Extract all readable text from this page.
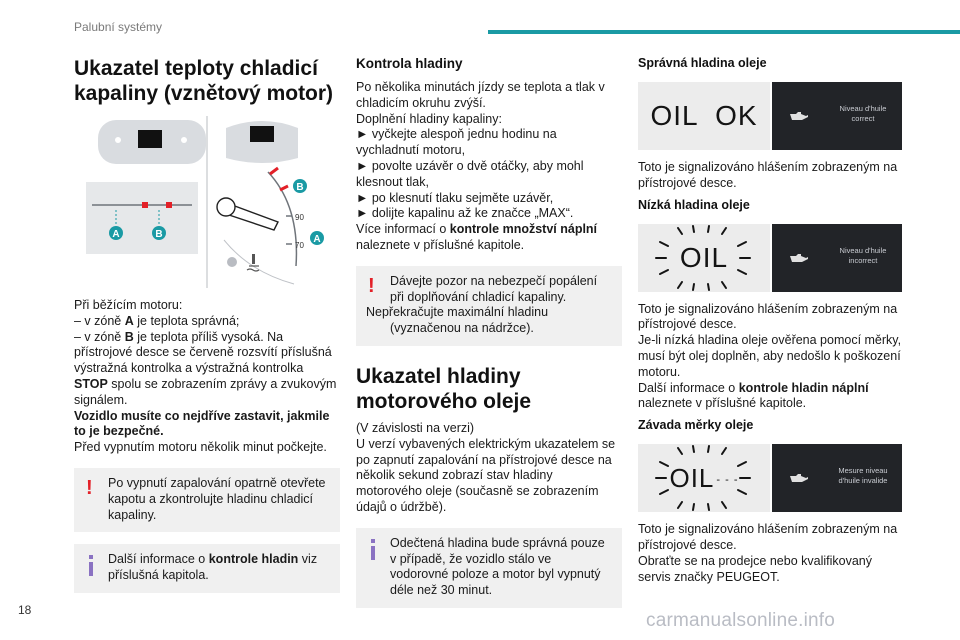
Palubní systémy
Ukazatel teploty chladicí kapaliny (vznětový motor)
A	B
90
70
B
A

Při běžícím motoru:
– v zóně A je teplota správná;
– v zóně B je teplota příliš vysoká. Na přístrojové desce se červeně rozsvítí příslušná výstražná kontrolka a výstražná kontrolka STOP spolu se zobrazením zprávy a zvukovým signálem.
Vozidlo musíte co nejdříve zastavit, jakmile to je bezpečné.
Před vypnutím motoru několik minut počkejte.

!	Po vypnutí zapalování opatrně otevřete kapotu a zkontrolujte hladinu chladicí kapaliny.

Další informace o kontrole hladin viz příslušná kapitola.

Kontrola hladiny

Po několika minutách jízdy se teplota a tlak v chladicím okruhu zvýší.
Doplnění hladiny kapaliny:
► vyčkejte alespoň jednu hodinu na vychladnutí motoru,
► povolte uzávěr o dvě otáčky, aby mohl klesnout tlak,
► po klesnutí tlaku sejměte uzávěr,
► dolijte kapalinu až ke značce „MAX“.
Více informací o kontrole množství náplní naleznete v příslušné kapitole.

!	Dávejte pozor na nebezpečí popálení při doplňování chladicí kapaliny.
Nepřekračujte maximální hladinu (vyznačenou na nádržce).

Ukazatel hladiny motorového oleje

(V závislosti na verzi)
U verzí vybavených elektrickým ukazatelem se po zapnutí zapalování na přístrojové desce na několik sekund zobrazí stav hladiny motorového oleje (současně se zobrazením údajů o údržbě).

Odečtená hladina bude správná pouze v případě, že vozidlo stálo ve vodorovné poloze a motor byl vypnutý déle než 30 minut.

Správná hladina oleje
OIL  OK	Niveau d'huile correct

Toto je signalizováno hlášením zobrazeným na přístrojové desce.

Nízká hladina oleje
OIL	Niveau d'huile incorrect

Toto je signalizováno hlášením zobrazeným na přístrojové desce.
Je-li nízká hladina oleje ověřena pomocí měrky, musí být olej doplněn, aby nedošlo k poškození motoru.
Další informace o kontrole hladin náplní naleznete v příslušné kapitole.

Závada měrky oleje
OIL - - -
Mesure niveau d'huile invalide

Toto je signalizováno hlášením zobrazeným na přístrojové desce.
Obraťte se na prodejce nebo kvalifikovaný servis značky PEUGEOT.

18	carmanualsonline.info
